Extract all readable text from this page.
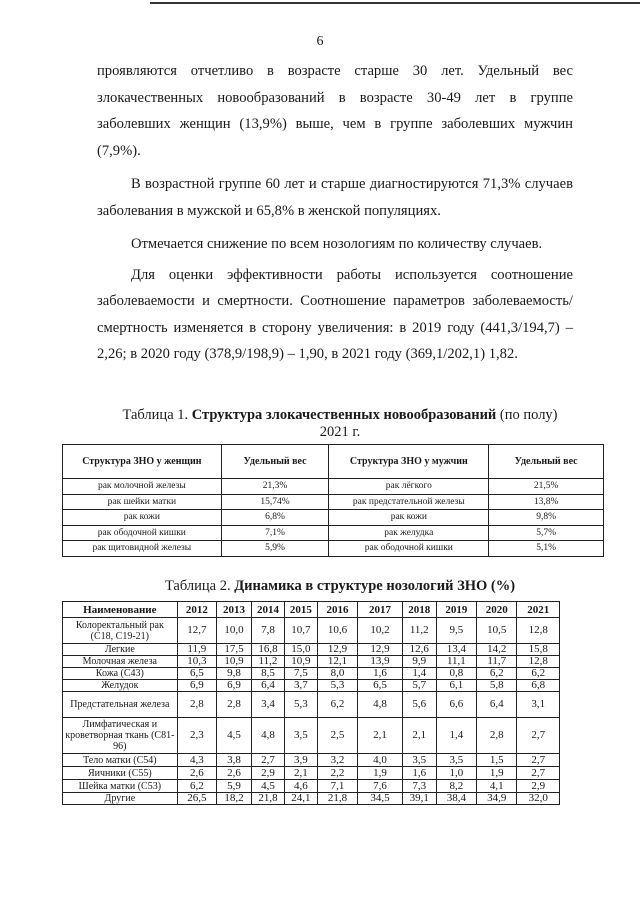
6

проявляются отчетливо в возрасте старше 30 лет. Удельный вес злокачественных новообразований в возрасте 30-49 лет в группе заболевших женщин (13,9%) выше, чем в группе заболевших мужчин (7,9%).

В возрастной группе 60 лет и старше диагностируются 71,3% случаев заболевания в мужской и 65,8% в женской популяциях.

Отмечается снижение по всем нозологиям по количеству случаев.

Для оценки эффективности работы используется соотношение заболеваемости и смертности. Соотношение параметров заболеваемость/смертность изменяется в сторону увеличения: в 2019 году (441,3/194,7) – 2,26; в 2020 году (378,9/198,9) – 1,90, в 2021 году (369,1/202,1) 1,82.

Таблица 1. Структура злокачественных новообразований (по полу)
2021 г.
Структура ЗНО у женщин	Удельный вес	Структура ЗНО у мужчин	Удельный вес
рак молочной железы	21,3%	рак лёгкого	21,5%
рак шейки матки	15,74%	рак предстательной железы	13,8%
рак кожи	6,8%	рак кожи	9,8%
рак ободочной кишки	7,1%	рак желудка	5,7%
рак щитовидной железы	5,9%	рак ободочной кишки	5,1%
Таблица 2. Динамика в структуре нозологий ЗНО (%)
Наименование	2012	2013	2014	2015	2016	2017	2018	2019	2020	2021
Колоректальный рак (C18, C19-21)	12,7	10,0	7,8	10,7	10,6	10,2	11,2	9,5	10,5	12,8
Легкие	11,9	17,5	16,8	15,0	12,9	12,9	12,6	13,4	14,2	15,8
Молочная железа	10,3	10,9	11,2	10,9	12,1	13,9	9,9	11,1	11,7	12,8
Кожа (C43)	6,5	9,8	8,5	7,5	8,0	1,6	1,4	0,8	6,2	6,2
Желудок	6,9	6,9	6,4	3,7	5,3	6,5	5,7	6,1	5,8	6,8
Предстательная железа	2,8	2,8	3,4	5,3	6,2	4,8	5,6	6,6	6,4	3,1
Лимфатическая и кроветворная ткань (C81-96)	2,3	4,5	4,8	3,5	2,5	2,1	2,1	1,4	2,8	2,7
Тело матки (C54)	4,3	3,8	2,7	3,9	3,2	4,0	3,5	3,5	1,5	2,7
Яичники (C55)	2,6	2,6	2,9	2,1	2,2	1,9	1,6	1,0	1,9	2,7
Шейка матки (C53)	6,2	5,9	4,5	4,6	7,1	7,6	7,3	8,2	4,1	2,9
Другие	26,5	18,2	21,8	24,1	21,8	34,5	39,1	38,4	34,9	32,0
